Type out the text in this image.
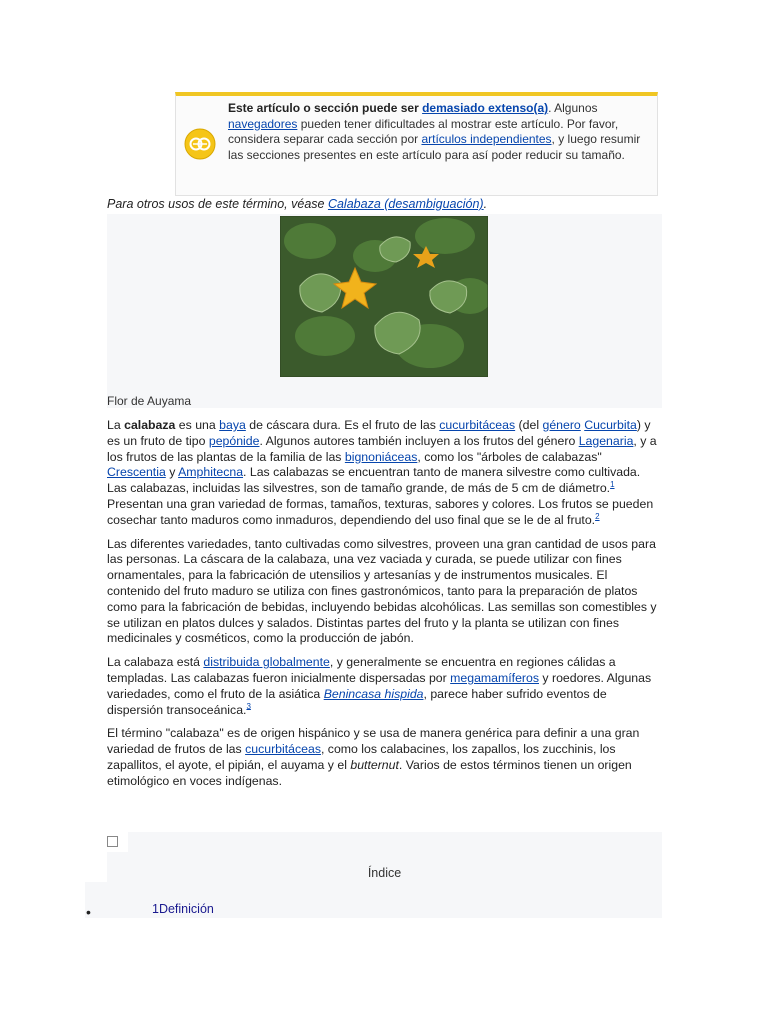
Este artículo o sección puede ser demasiado extenso(a). Algunos navegadores pueden tener dificultades al mostrar este artículo. Por favor, considera separar cada sección por artículos independientes, y luego resumir las secciones presentes en este artículo para así poder reducir su tamaño.
Para otros usos de este término, véase Calabaza (desambiguación).
Flor de Auyama

La calabaza es una baya de cáscara dura. Es el fruto de las cucurbitáceas (del género Cucurbita) y es un fruto de tipo pepónide. Algunos autores también incluyen a los frutos del género Lagenaria, y a los frutos de las plantas de la familia de las bignoniáceas, como los "árboles de calabazas" Crescentia y Amphitecna. Las calabazas se encuentran tanto de manera silvestre como cultivada. Las calabazas, incluidas las silvestres, son de tamaño grande, de más de 5 cm de diámetro.$^1$ Presentan una gran variedad de formas, tamaños, texturas, sabores y colores. Los frutos se pueden cosechar tanto maduros como inmaduros, dependiendo del uso final que se le de al fruto.$^2$

Las diferentes variedades, tanto cultivadas como silvestres, proveen una gran cantidad de usos para las personas. La cáscara de la calabaza, una vez vaciada y curada, se puede utilizar con fines ornamentales, para la fabricación de utensilios y artesanías y de instrumentos musicales. El contenido del fruto maduro se utiliza con fines gastronómicos, tanto para la preparación de platos como para la fabricación de bebidas, incluyendo bebidas alcohólicas. Las semillas son comestibles y se utilizan en platos dulces y salados. Distintas partes del fruto y la planta se utilizan con fines medicinales y cosméticos, como la producción de jabón.

La calabaza está distribuida globalmente, y generalmente se encuentra en regiones cálidas a templadas. Las calabazas fueron inicialmente dispersadas por megamamíferos y roedores. Algunas variedades, como el fruto de la asiática Benincasa hispida, parece haber sufrido eventos de dispersión transoceánica.$^3$

El término "calabaza" es de origen hispánico y se usa de manera genérica para definir a una gran variedad de frutos de las cucurbitáceas, como los calabacines, los zapallos, los zucchinis, los zapallitos, el ayote, el pipián, el auyama y el butternut. Varios de estos términos tienen un origen etimológico en voces indígenas.

Índice
•	1Definición
